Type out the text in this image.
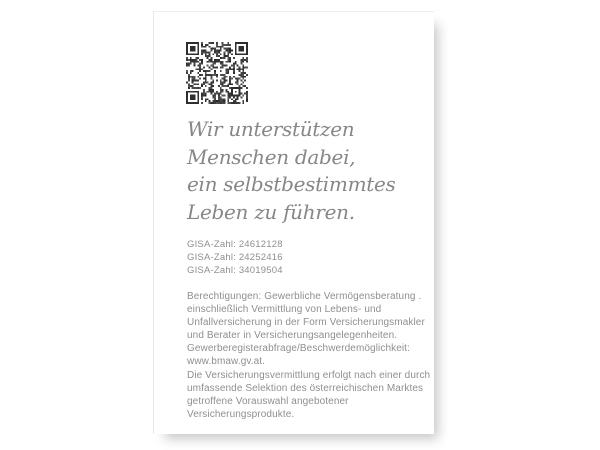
Wir unterstützen
Menschen dabei,
ein selbstbestimmtes
Leben zu führen.
GISA-Zahl: 24612128
GISA-Zahl: 24252416
GISA-Zahl: 34019504
Berechtigungen: Gewerbliche Vermögensberatung .
einschließlich Vermittlung von Lebens- und
Unfallversicherung in der Form Versicherungsmakler
und Berater in Versicherungsangelegenheiten.
Gewerberegisterabfrage/Beschwerdemöglichkeit:
www.bmaw.gv.at.
Die Versicherungsvermittlung erfolgt nach einer durch
umfassende Selektion des österreichischen Marktes
getroffene Vorauswahl angebotener
Versicherungsprodukte.
